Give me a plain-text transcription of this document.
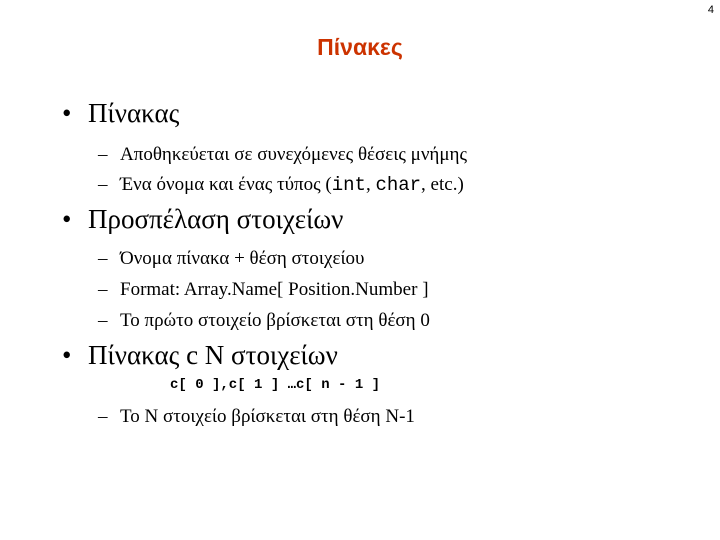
4
Πίνακες
• Πίνακας
– Αποθηκεύεται σε συνεχόμενες θέσεις μνήμης
– Ένα όνομα και ένας τύπος (int, char, etc.)
• Προσπέλαση στοιχείων
– Όνομα πίνακα + θέση στοιχείου
– Format: Array.Name[ Position.Number ]
– Το πρώτο στοιχείο βρίσκεται στη θέση 0
• Πίνακας c N στοιχείων
c[ 0 ],c[ 1 ] …c[ n - 1 ]
– Το N στοιχείο βρίσκεται στη θέση N-1
